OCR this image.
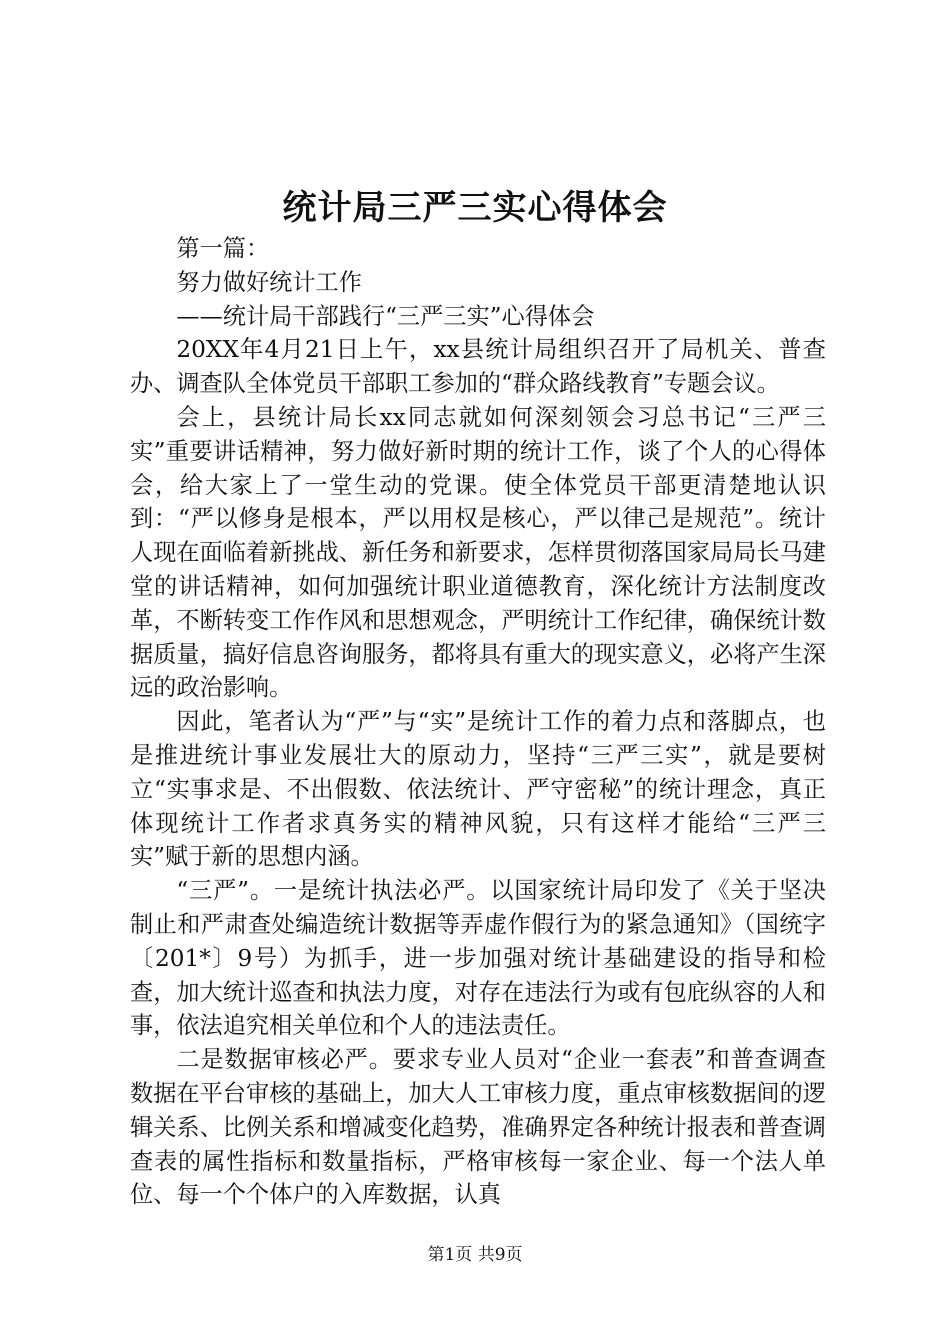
统计局三严三实心得体会

第一篇：

努力做好统计工作

——统计局干部践行“三严三实”心得体会

20XX年4月21日上午，xx县统计局组织召开了局机关、普查办、调查队全体党员干部职工参加的“群众路线教育”专题会议。

会上，县统计局长xx同志就如何深刻领会习总书记“三严三实”重要讲话精神，努力做好新时期的统计工作，谈了个人的心得体会，给大家上了一堂生动的党课。使全体党员干部更清楚地认识到：“严以修身是根本，严以用权是核心，严以律己是规范”。统计人现在面临着新挑战、新任务和新要求，怎样贯彻落国家局局长马建堂的讲话精神，如何加强统计职业道德教育，深化统计方法制度改革，不断转变工作作风和思想观念，严明统计工作纪律，确保统计数据质量，搞好信息咨询服务，都将具有重大的现实意义，必将产生深远的政治影响。

因此，笔者认为“严”与“实”是统计工作的着力点和落脚点，也是推进统计事业发展壮大的原动力，坚持“三严三实”，就是要树立“实事求是、不出假数、依法统计、严守密秘”的统计理念，真正体现统计工作者求真务实的精神风貌，只有这样才能给“三严三实”赋于新的思想内涵。

“三严”。一是统计执法必严。以国家统计局印发了《关于坚决制止和严肃查处编造统计数据等弄虚作假行为的紧急通知》（国统字〔201*〕9号）为抓手，进一步加强对统计基础建设的指导和检查，加大统计巡查和执法力度，对存在违法行为或有包庇纵容的人和事，依法追究相关单位和个人的违法责任。

二是数据审核必严。要求专业人员对“企业一套表”和普查调查数据在平台审核的基础上，加大人工审核力度，重点审核数据间的逻辑关系、比例关系和增减变化趋势，准确界定各种统计报表和普查调查表的属性指标和数量指标，严格审核每一家企业、每一个法人单位、每一个个体户的入库数据，认真

第1页 共9页
